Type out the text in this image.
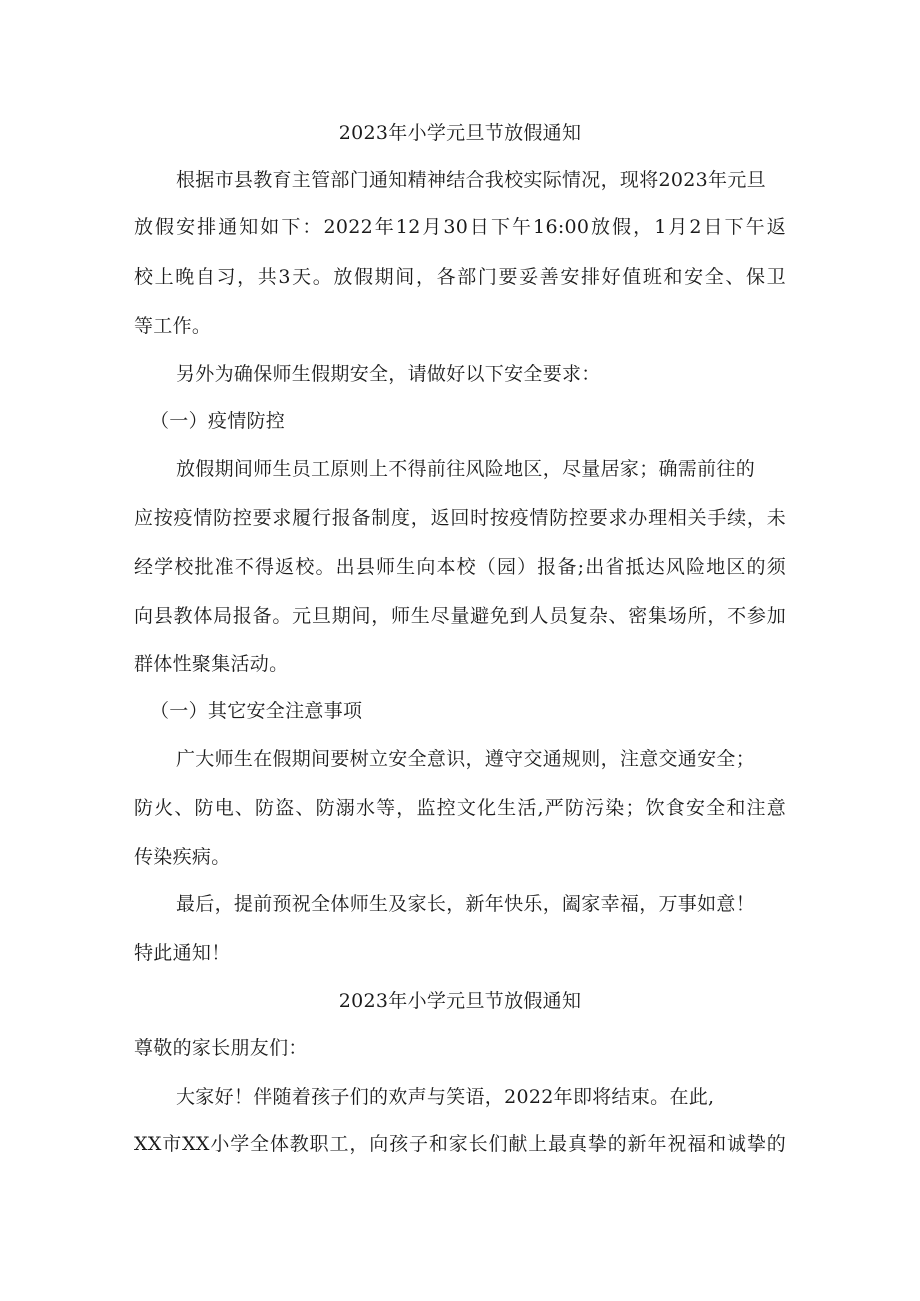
2023年小学元旦节放假通知
根据市县教育主管部门通知精神结合我校实际情况，现将2023年元旦
放假安排通知如下：2022年12月30日下午16:00放假，1月2日下午返
校上晚自习，共3天。放假期间，各部门要妥善安排好值班和安全、保卫
等工作。
另外为确保师生假期安全，请做好以下安全要求：
（一）疫情防控
放假期间师生员工原则上不得前往风险地区，尽量居家；确需前往的
应按疫情防控要求履行报备制度，返回时按疫情防控要求办理相关手续，未
经学校批准不得返校。出县师生向本校（园）报备;出省抵达风险地区的须
向县教体局报备。元旦期间，师生尽量避免到人员复杂、密集场所，不参加
群体性聚集活动。
（一）其它安全注意事项
广大师生在假期间要树立安全意识，遵守交通规则，注意交通安全；
防火、防电、防盗、防溺水等，监控文化生活,严防污染；饮食安全和注意
传染疾病。
最后，提前预祝全体师生及家长，新年快乐，阖家幸福，万事如意！
特此通知！
2023年小学元旦节放假通知
尊敬的家长朋友们：
大家好！伴随着孩子们的欢声与笑语，2022年即将结束。在此,
XX市XX小学全体教职工，向孩子和家长们献上最真挚的新年祝福和诚挚的
